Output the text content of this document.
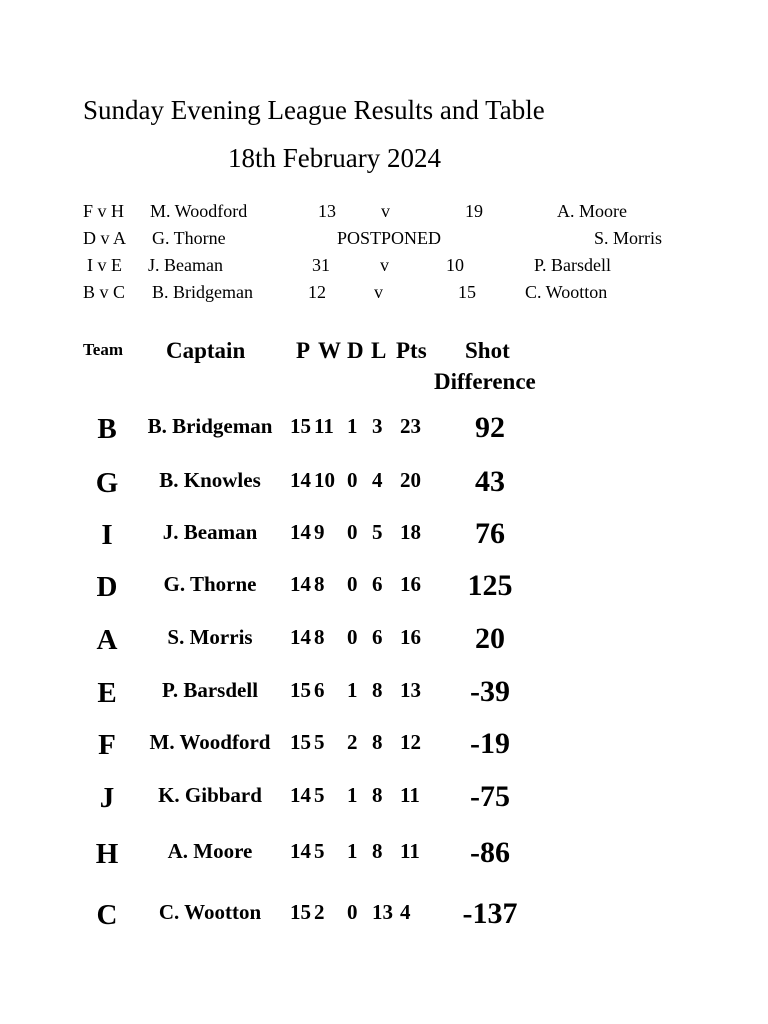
Sunday Evening League Results and Table
18th February 2024
F v H M. Woodford	13	v	19	A. Moore
D v A G. Thorne	POSTPONED	S. Morris
I v E J. Beaman	31	v	10	P. Barsdell
B v C B. Bridgeman	12	v	15	C. Wootton
Team Captain P W D L Pts Shot
Difference
B	B. Bridgeman 15 11 1 3 23	92
G	B. Knowles	14 10 0 4 20	43
I	J. Beaman	14 9 0 5 18	76
D	G. Thorne	14 8 0 6 16	125
A	S. Morris	14 8 0 6 16	20
E	P. Barsdell	15 6 1 8 13	-39
F	M. Woodford 15 5 2 8 12	-19
J	K. Gibbard	14 5 1 8 11	-75
H	A. Moore	14 5 1 8 11	-86
C	C. Wootton	15 2 0 13 4	-137
